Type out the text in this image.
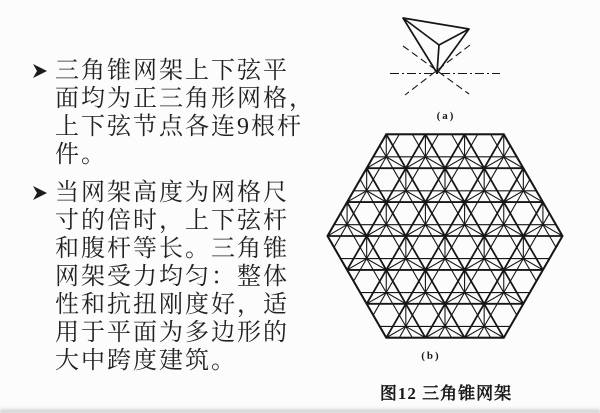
三角锥网架上下弦平
面均为正三角形网格，
上下弦节点各连9根杆
件。
当网架高度为网格尺
寸的倍时，上下弦杆
和腹杆等长。三角锥
网架受力均匀：整体
性和抗扭刚度好，适
用于平面为多边形的
大中跨度建筑。
(a)
(b)
图12 三角锥网架
